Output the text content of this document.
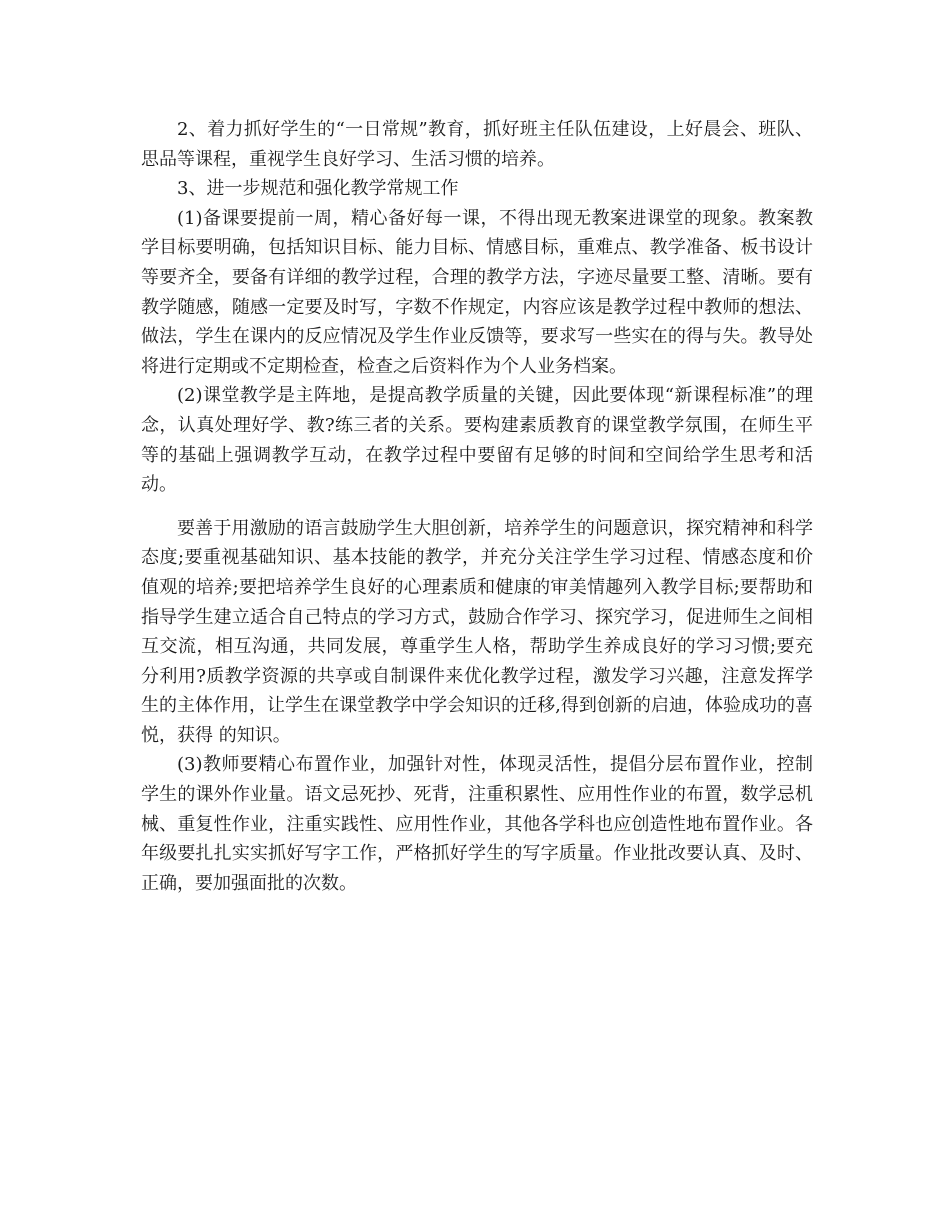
2、着力抓好学生的“一日常规”教育，抓好班主任队伍建设，上好晨会、班队、思品等课程，重视学生良好学习、生活习惯的培养。

3、进一步规范和强化教学常规工作

(1)备课要提前一周，精心备好每一课，不得出现无教案进课堂的现象。教案教学目标要明确，包括知识目标、能力目标、情感目标，重难点、教学准备、板书设计等要齐全，要备有详细的教学过程，合理的教学方法，字迹尽量要工整、清晰。要有教学随感，随感一定要及时写，字数不作规定，内容应该是教学过程中教师的想法、做法，学生在课内的反应情况及学生作业反馈等，要求写一些实在的得与失。教导处将进行定期或不定期检查，检查之后资料作为个人业务档案。

(2)课堂教学是主阵地，是提高教学质量的关键，因此要体现“新课程标准”的理念，认真处理好学、教?练三者的关系。要构建素质教育的课堂教学氛围，在师生平等的基础上强调教学互动，在教学过程中要留有足够的时间和空间给学生思考和活动。

要善于用激励的语言鼓励学生大胆创新，培养学生的问题意识，探究精神和科学态度;要重视基础知识、基本技能的教学，并充分关注学生学习过程、情感态度和价值观的培养;要把培养学生良好的心理素质和健康的审美情趣列入教学目标;要帮助和指导学生建立适合自己特点的学习方式，鼓励合作学习、探究学习，促进师生之间相互交流，相互沟通，共同发展，尊重学生人格，帮助学生养成良好的学习习惯;要充分利用?质教学资源的共享或自制课件来优化教学过程，激发学习兴趣，注意发挥学生的主体作用，让学生在课堂教学中学会知识的迁移,得到创新的启迪，体验成功的喜悦，获得 的知识。

(3)教师要精心布置作业，加强针对性，体现灵活性，提倡分层布置作业，控制学生的课外作业量。语文忌死抄、死背，注重积累性、应用性作业的布置，数学忌机械、重复性作业，注重实践性、应用性作业，其他各学科也应创造性地布置作业。各年级要扎扎实实抓好写字工作，严格抓好学生的写字质量。作业批改要认真、及时、正确，要加强面批的次数。
